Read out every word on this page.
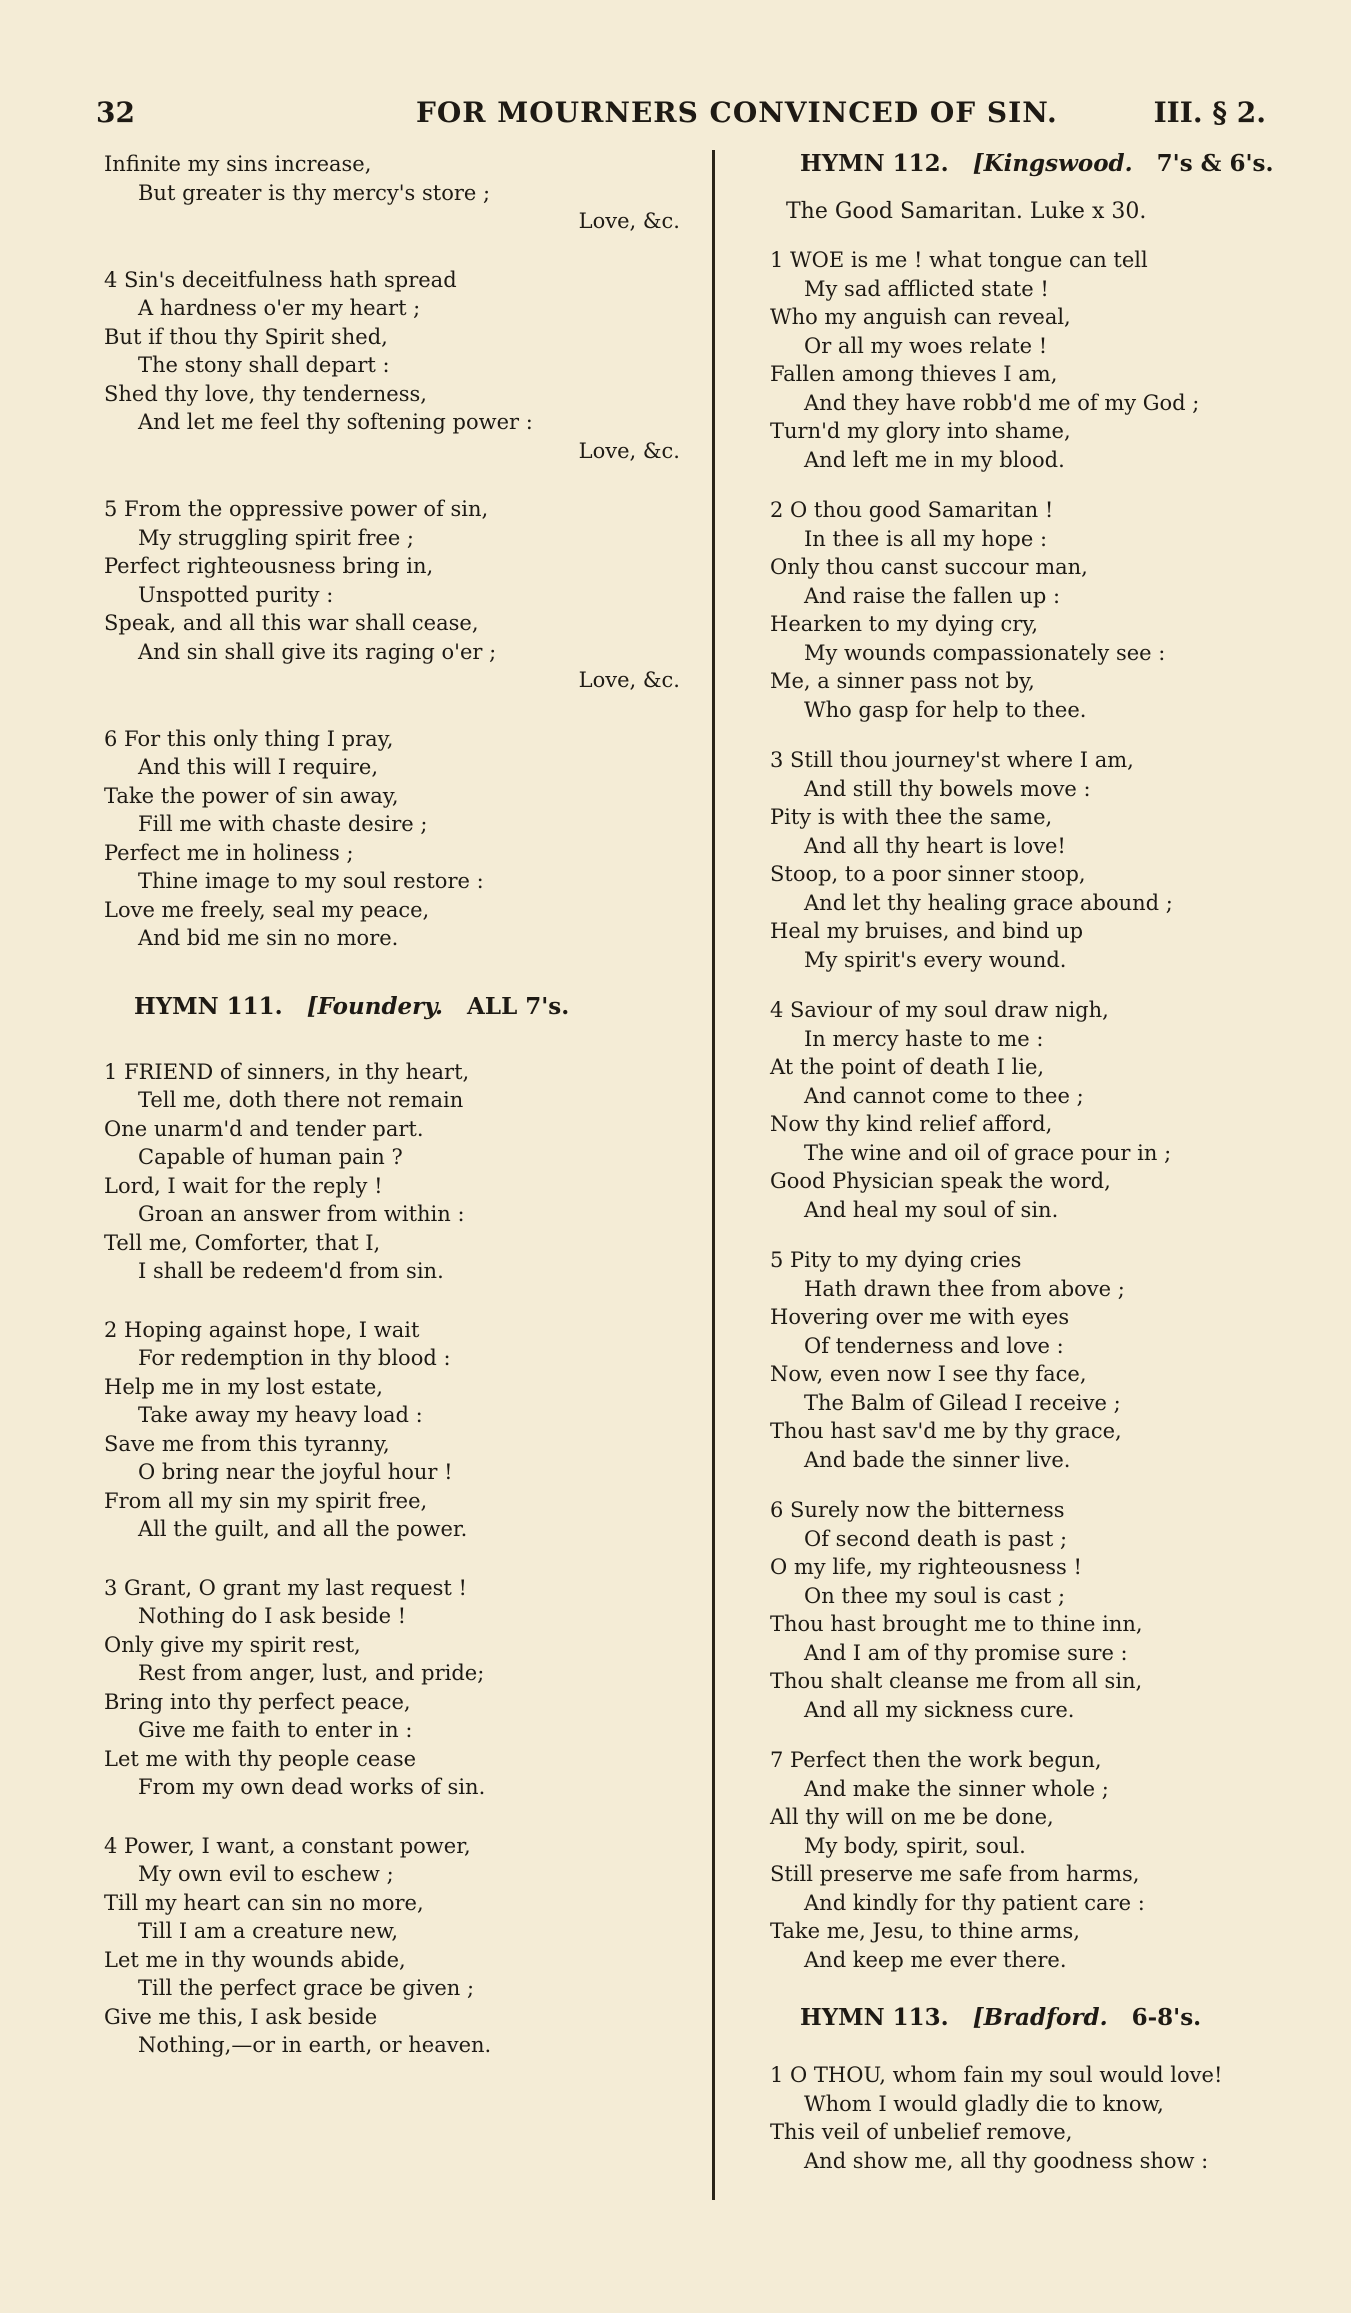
32	FOR MOURNERS CONVINCED OF SIN.	III. § 2.
Infinite my sins increase,
But greater is thy mercy's store ;
Love, &c.
4 Sin's deceitfulness hath spread
A hardness o'er my heart ;
But if thou thy Spirit shed,
The stony shall depart :
Shed thy love, thy tenderness,
And let me feel thy softening power :
Love, &c.
5 From the oppressive power of sin,
My struggling spirit free ;
Perfect righteousness bring in,
Unspotted purity :
Speak, and all this war shall cease,
And sin shall give its raging o'er ;
Love, &c.
6 For this only thing I pray,
And this will I require,
Take the power of sin away,
Fill me with chaste desire ;
Perfect me in holiness ;
Thine image to my soul restore :
Love me freely, seal my peace,
And bid me sin no more.
HYMN 111. [Foundery. ALL 7's.
1 FRIEND of sinners, in thy heart,
Tell me, doth there not remain
One unarm'd and tender part.
Capable of human pain ?
Lord, I wait for the reply !
Groan an answer from within :
Tell me, Comforter, that I,
I shall be redeem'd from sin.
2 Hoping against hope, I wait
For redemption in thy blood :
Help me in my lost estate,
Take away my heavy load :
Save me from this tyranny,
O bring near the joyful hour !
From all my sin my spirit free,
All the guilt, and all the power.
3 Grant, O grant my last request !
Nothing do I ask beside !
Only give my spirit rest,
Rest from anger, lust, and pride;
Bring into thy perfect peace,
Give me faith to enter in :
Let me with thy people cease
From my own dead works of sin.
4 Power, I want, a constant power,
My own evil to eschew ;
Till my heart can sin no more,
Till I am a creature new,
Let me in thy wounds abide,
Till the perfect grace be given ;
Give me this, I ask beside
Nothing,—or in earth, or heaven.
HYMN 112. [Kingswood. 7's & 6's.
The Good Samaritan. Luke x 30.
1 WOE is me ! what tongue can tell
My sad afflicted state !
Who my anguish can reveal,
Or all my woes relate !
Fallen among thieves I am,
And they have robb'd me of my God ;
Turn'd my glory into shame,
And left me in my blood.
2 O thou good Samaritan !
In thee is all my hope :
Only thou canst succour man,
And raise the fallen up :
Hearken to my dying cry,
My wounds compassionately see :
Me, a sinner pass not by,
Who gasp for help to thee.
3 Still thou journey'st where I am,
And still thy bowels move :
Pity is with thee the same,
And all thy heart is love!
Stoop, to a poor sinner stoop,
And let thy healing grace abound ;
Heal my bruises, and bind up
My spirit's every wound.
4 Saviour of my soul draw nigh,
In mercy haste to me :
At the point of death I lie,
And cannot come to thee ;
Now thy kind relief afford,
The wine and oil of grace pour in ;
Good Physician speak the word,
And heal my soul of sin.
5 Pity to my dying cries
Hath drawn thee from above ;
Hovering over me with eyes
Of tenderness and love :
Now, even now I see thy face,
The Balm of Gilead I receive ;
Thou hast sav'd me by thy grace,
And bade the sinner live.
6 Surely now the bitterness
Of second death is past ;
O my life, my righteousness !
On thee my soul is cast ;
Thou hast brought me to thine inn,
And I am of thy promise sure :
Thou shalt cleanse me from all sin,
And all my sickness cure.
7 Perfect then the work begun,
And make the sinner whole ;
All thy will on me be done,
My body, spirit, soul.
Still preserve me safe from harms,
And kindly for thy patient care :
Take me, Jesu, to thine arms,
And keep me ever there.
HYMN 113. [Bradford. 6-8's.
1 O THOU, whom fain my soul would love!
Whom I would gladly die to know,
This veil of unbelief remove,
And show me, all thy goodness show :
